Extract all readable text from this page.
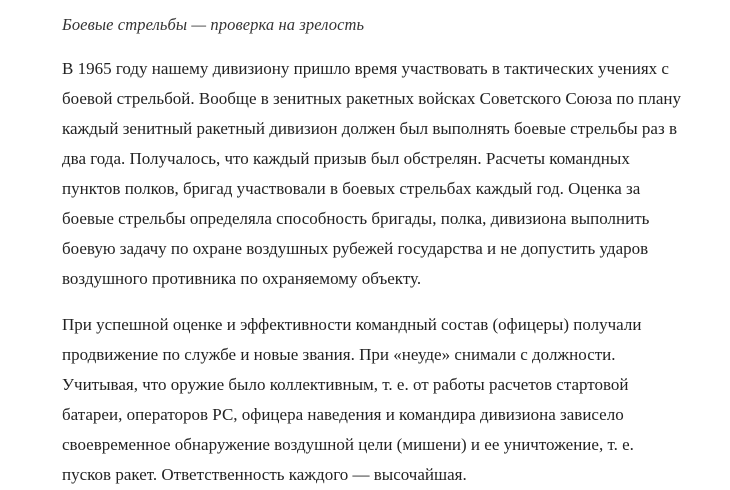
Боевые стрельбы — проверка на зрелость

В 1965 году нашему дивизиону пришло время участвовать в тактических учениях с боевой стрельбой. Вообще в зенитных ракетных войсках Советского Союза по плану каждый зенитный ракетный дивизион должен был выполнять боевые стрельбы раз в два года. Получалось, что каждый призыв был обстрелян. Расчеты командных пунктов полков, бригад участвовали в боевых стрельбах каждый год. Оценка за боевые стрельбы определяла способность бригады, полка, дивизиона выполнить боевую задачу по охране воздушных рубежей государства и не допустить ударов воздушного противника по охраняемому объекту.

При успешной оценке и эффективности командный состав (офицеры) получали продвижение по службе и новые звания. При «неуде» снимали с должности. Учитывая, что оружие было коллективным, т. е. от работы расчетов стартовой батареи, операторов РС, офицера наведения и командира дивизиона зависело своевременное обнаружение воздушной цели (мишени) и ее уничтожение, т. е. пусков ракет. Ответственность каждого — высочайшая.
